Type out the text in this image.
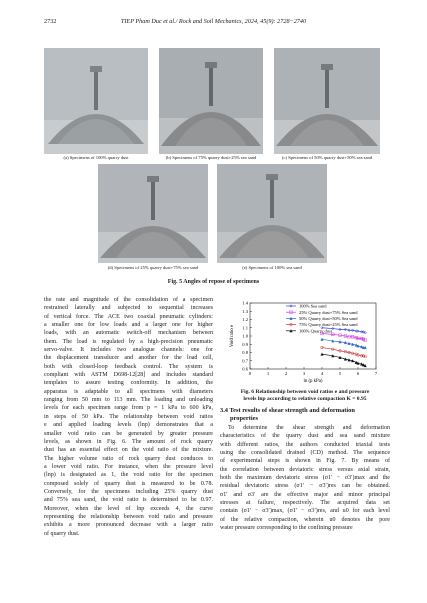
2732	TIEP Pham Duc et al./ Rock and Soil Mechanics, 2024, 45(9): 2728−2740
(a) Specimens of 100% quarry dust	(b) Specimens of 75% quarry dust+25% sea sand	(c) Specimens of 50% quarry dust+50% sea sand
(d) Specimens of 25% quarry dust+75% sea sand	(e) Specimens of 100% sea sand
Fig. 5 Angles of repose of specimens
the rate and magnitude of the consolidation of a specimen
restrained laterally and subjected to sequential increases
of vertical force. The ACE two coaxial pneumatic cylinders:
a smaller one for low loads and a larger one for higher
loads, with an automatic switch-off mechanism between
them. The load is regulated by a high-precision pneumatic
servo-valve. It includes two analogue channels: one for
the displacement transducer and another for the load cell,
both with closed-loop feedback control. The system is
compliant with ASTM D698-12[28] and includes standard
templates to assure testing conformity. In addition, the
apparatus is adaptable to all specimens with diameters
ranging from 50 mm to 113 mm. The loading and unloading
levels for each specimen range from p = 1 kPa to 600 kPa,
in steps of 50 kPa. The relationship between void ratios
e and applied loading levels (lnp) demonstrates that a
smaller void ratio can be generated by greater pressure
levels, as shown in Fig. 6. The amount of rock quarry
dust has an essential effect on the void ratio of the mixture.
The higher volume ratio of rock quarry dust conduces to
a lower void ratio. For instance, when the pressure level
(lnp) is designated as 1, the void ratio for the specimen
composed solely of quarry dust is measured to be 0.78.
Conversely, for the specimens including 25% quarry dust
and 75% sea sand, the void ratio is determined to be 0.97.
Moreover, when the level of lnp exceeds 4, the curve
representing the relationship between void ratio and pressure
exhibits a more pronounced decrease with a larger ratio
of quarry dust.
0	1	2	3	4	5	6	7
0.6
0.7
0.8
0.9
1.0
1.1
1.2
1.3
1.4
ln (p kPa)
Void ratio e
100% Sea sand
25% Quarry dust+75% Sea sand
50% Quarry dust+50% Sea sand
75% Quarry dust+25% Sea sand
100% Quarry dust
Fig. 6 Relationship between void ratios e and pressure
levels lnp according to relative compaction K = 0.95
3.4 Test results of shear strength and deformation
properties
To determine the shear strength and deformation
characteristics of the quarry dust and sea sand mixture
with different ratios, the authors conducted triaxial tests
using the consolidated drained (CD) method. The sequence
of experimental steps is shown in Fig. 7. By means of
the correlation between deviatoric stress versus axial strain,
both the maximum deviatoric stress (σ1′ − σ3′)max and the
residual deviatoric stress (σ1′ − σ3′)res can be obtained.
σ1′ and σ3′ are the effective major and minor principal
stresses at failure, respectively. The acquired data set
contain (σ1′ − σ3′)max, (σ1′ − σ3′)res, and u0 for each level
of the relative compaction, wherein u0 denotes the pore
water pressure corresponding to the confining pressure
